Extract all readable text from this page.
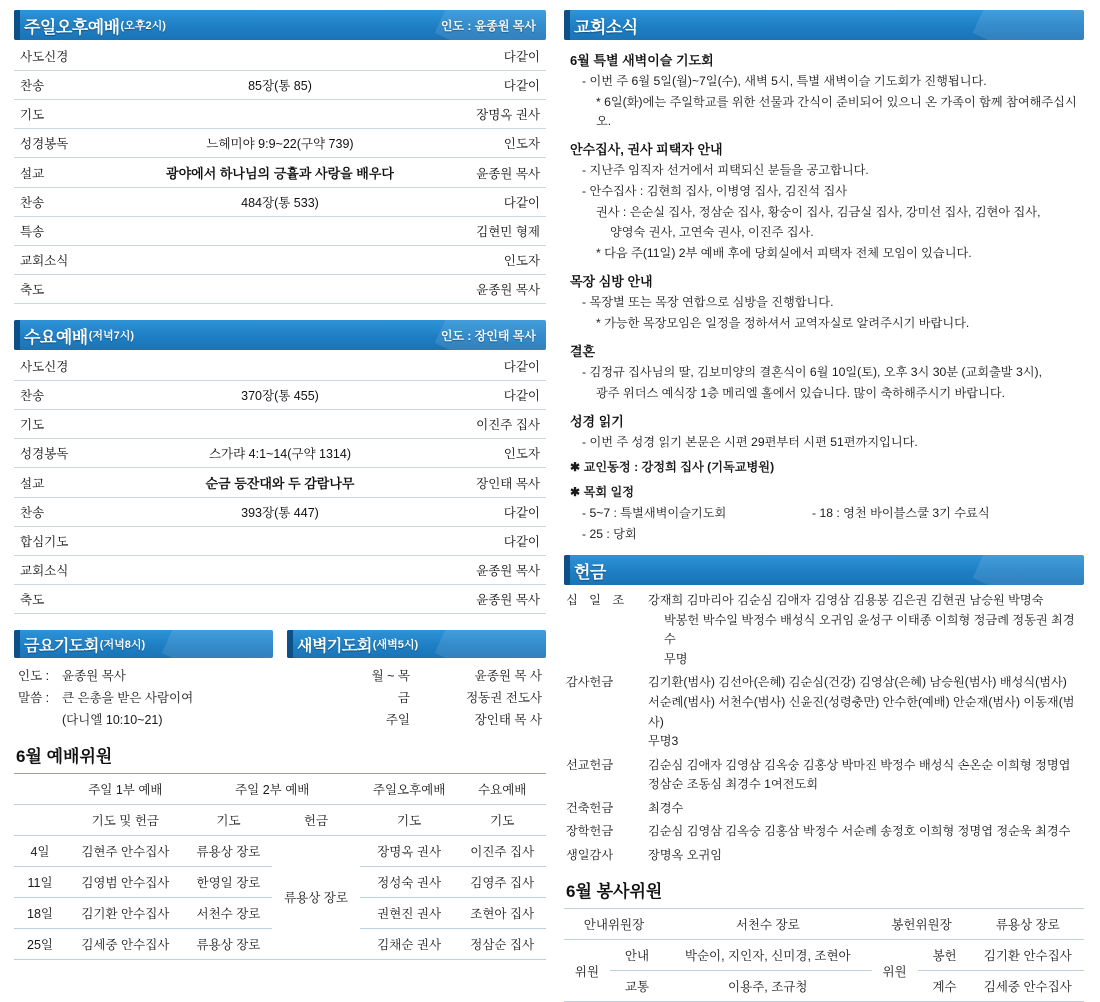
주일오후예배 (오후2시)	인도 : 윤종원 목사
사도신경		다같이
찬송	85장(통 85)	다같이
기도		장명옥 권사
성경봉독	느헤미야 9:9~22(구약 739)	인도자
설교	광야에서 하나님의 긍휼과 사랑을 배우다	윤종원 목사
찬송	484장(통 533)	다같이
특송		김현민 형제
교회소식		인도자
축도		윤종원 목사
수요예배 (저녁7시)	인도 : 장인태 목사
사도신경		다같이
찬송	370장(통 455)	다같이
기도		이진주 집사
성경봉독	스가랴 4:1~14(구약 1314)	인도자
설교	순금 등잔대와 두 감람나무	장인태 목사
찬송	393장(통 447)	다같이
합심기도		다같이
교회소식		윤종원 목사
축도		윤종원 목사
금요기도회 (저녁8시)
인도 :	윤종원 목사
말씀 :	큰 은총을 받은 사람이여
(다니엘 10:10~21)
새벽기도회 (새벽5시)
월 ~ 목	윤종원 목 사
금	정동권 전도사
주일	장인태 목 사
6월 예배위원
	주일 1부 예배	주일 2부 예배		주일오후예배	수요예배
	기도 및 헌금	기도	헌금	기도	기도
4일	김현주 안수집사	류용상 장로	류용상 장로	장명옥 권사	이진주 집사
11일	김영범 안수집사	한영일 장로		정성숙 권사	김영주 집사
18일	김기환 안수집사	서천수 장로		권현진 권사	조현아 집사
25일	김세중 안수집사	류용상 장로		김채순 권사	정삼순 집사
교회소식
6월 특별 새벽이슬 기도회

- 이번 주 6월 5일(월)~7일(수), 새벽 5시, 특별 새벽이슬 기도회가 진행됩니다.

* 6일(화)에는 주일학교를 위한 선물과 간식이 준비되어 있으니 온 가족이 함께 참여해주십시오.

안수집사, 권사 피택자 안내

- 지난주 임직자 선거에서 피택되신 분들을 공고합니다.

- 안수집사 : 김현희 집사, 이병영 집사, 김진석 집사

권사 : 은순실 집사, 정삼순 집사, 황숭이 집사, 김금실 집사, 강미선 집사, 김현아 집사,

양영숙 권사, 고연숙 권사, 이진주 집사.

* 다음 주(11일) 2부 예배 후에 당회실에서 피택자 전체 모임이 있습니다.

목장 심방 안내

- 목장별 또는 목장 연합으로 심방을 진행합니다.

* 가능한 목장모임은 일정을 정하셔서 교역자실로 알려주시기 바랍니다.

결혼

- 김정규 집사님의 딸, 김보미양의 결혼식이 6월 10일(토), 오후 3시 30분 (교회출발 3시),

광주 위더스 예식장 1층 메리엘 홀에서 있습니다. 많이 축하해주시기 바랍니다.

성경 읽기

- 이번 주 성경 읽기 본문은 시편 29편부터 시편 51편까지입니다.

✱ 교인동정 : 강정희 집사 (기독교병원)

✱ 목회 일정

- 5~7 : 특별새벽이슬기도회	- 18 : 영천 바이블스쿨 3기 수료식

- 25 : 당회

헌금
십 일 조	강재희 김마리아 김순심 김애자 김영삼 김용봉 김은권 김현권 남승원 박명숙
박봉헌 박수일 박정수 배성식 오귀임 윤성구 이태종 이희형 정금례 정동권 최경수
무명

감사헌금	김기환(범사) 김선아(은혜) 김순심(건강) 김영삼(은혜) 남승원(범사) 배성식(범사)
서순례(범사) 서천수(범사) 신윤진(성령충만) 안수한(예배) 안순재(범사) 이동재(범사)
무명3

선교헌금	김순심 김애자 김영삼 김옥숭 김홍상 박마진 박정수 배성식 손온순 이희형 정명엽
정삼순 조동심 최경수 1여전도회

건축헌금	최경수

장학헌금	김순심 김영삼 김옥숭 김홍삼 박정수 서순례 송정호 이희형 정명엽 정순욱 최경수

생일감사	장명옥 오귀임
6월 봉사위원
안내위원장		서천수 장로	봉헌위원장		류용상 장로
위원	안내	박순이, 지인자, 신미경, 조현아	위원	봉헌	김기환 안수집사
	교통	이용주, 조규청		계수	김세중 안수집사
